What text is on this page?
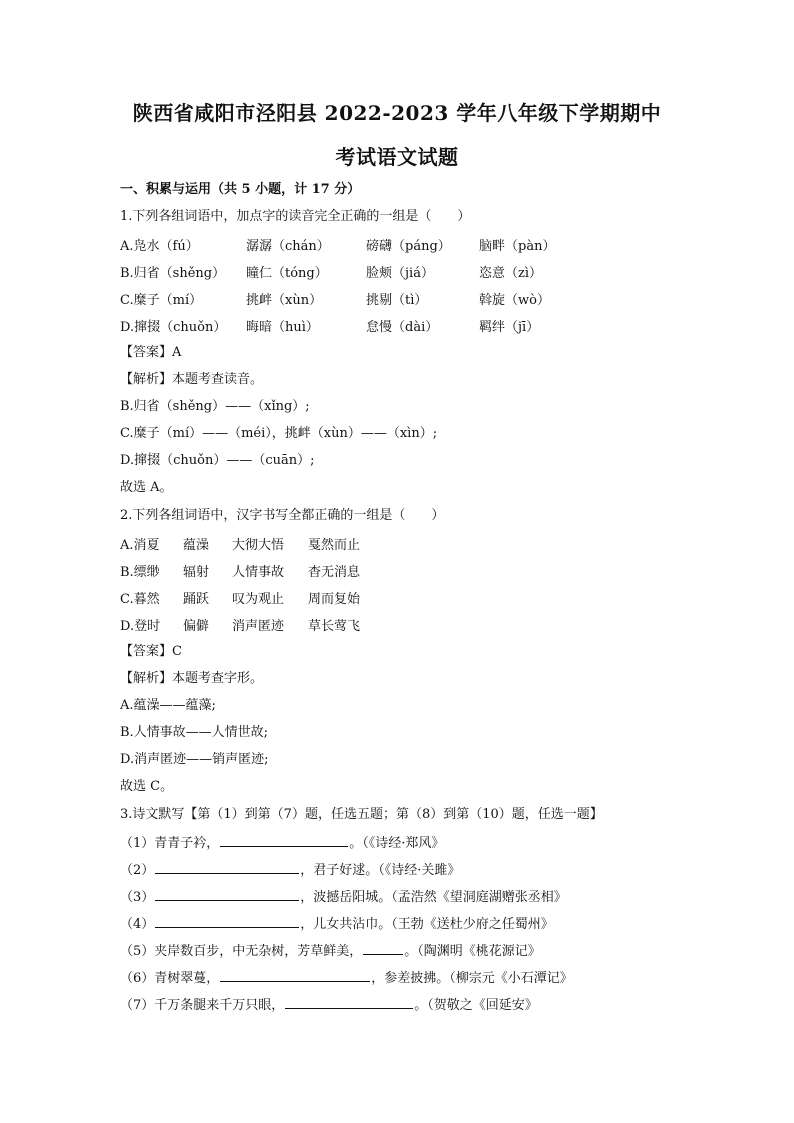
陕西省咸阳市泾阳县 2022-2023 学年八年级下学期期中
考试语文试题
一、积累与运用（共 5 小题，计 17 分）
1.下列各组词语中，加点字的读音完全正确的一组是（　　）
A.凫水（fú）	潺潺（chán）	磅礴（páng） 脑畔（pàn）
B.归省（shěng） 瞳仁（tóng）	脸颊（jiá）	恣意（zì）
C.糜子（mí）	挑衅（xùn）	挑剔（tì）	斡旋（wò）
D.撺掇（chuǒn） 晦暗（huì）	怠慢（dài）	羁绊（jī）
【答案】A
【解析】本题考查读音。
B.归省（shěng）——（xǐng）;
C.糜子（mí）——（méi），挑衅（xùn）——（xìn）;
D.撺掇（chuǒn）——（cuān）;
故选 A。
2.下列各组词语中，汉字书写全都正确的一组是（　　）
A.消夏 蕴澡 大彻大悟 戛然而止
B.缥缈 辐射 人情事故 杳无消息
C.暮然 踊跃 叹为观止 周而复始
D.登时 偏僻 消声匿迹 草长莺飞
【答案】C
【解析】本题考查字形。
A.蕴澡——蕴藻;
B.人情事故——人情世故;
D.消声匿迹——销声匿迹;
故选 C。
3.诗文默写【第（1）到第（7）题，任选五题；第（8）到第（10）题，任选一题】
（1）青青子衿，	。（《诗经·郑风》
（2）	，君子好逑。（《诗经·关雎》
（3）	，波撼岳阳城。（孟浩然《望洞庭湖赠张丞相》
（4）	，儿女共沾巾。（王勃《送杜少府之任蜀州》
（5）夹岸数百步，中无杂树，芳草鲜美，	。（陶渊明《桃花源记》
（6）青树翠蔓，	，参差披拂。（柳宗元《小石潭记》
（7）千万条腿来千万只眼，	。（贺敬之《回延安》
